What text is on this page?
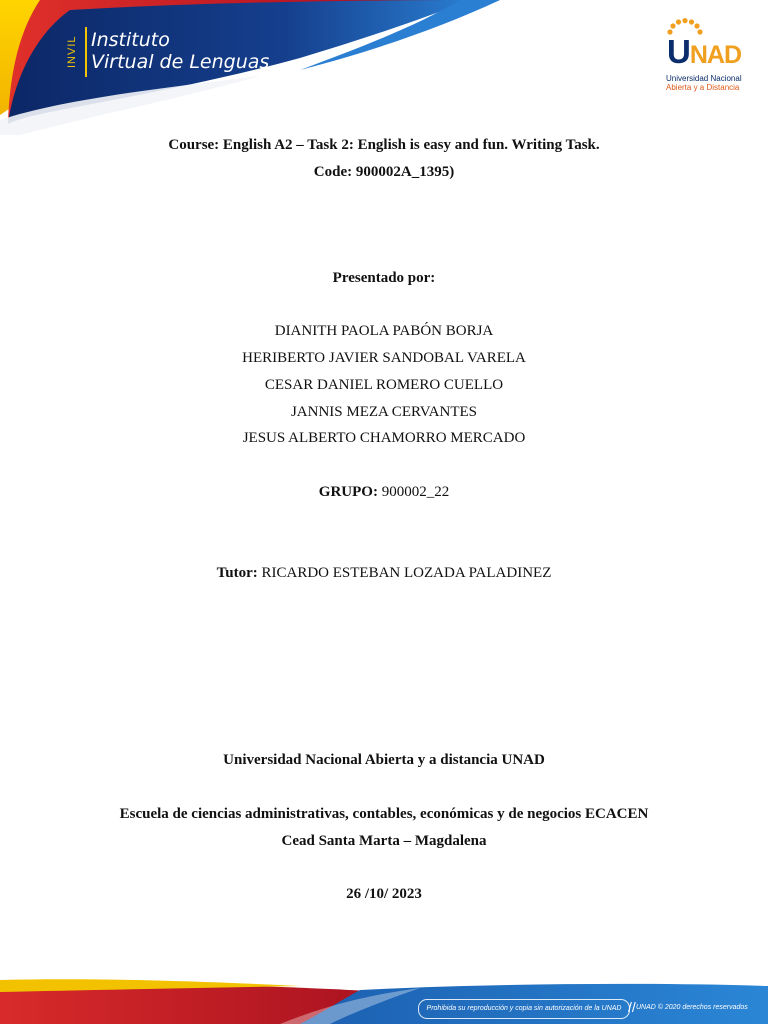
INVIL Instituto
Virtual de Lenguas	UNAD
Universidad Nacional
Abierta y a Distancia
Course: English A2 – Task 2: English is easy and fun. Writing Task.
Code: 900002A_1395)
Presentado por:
DIANITH PAOLA PABÓN BORJA
HERIBERTO JAVIER SANDOBAL VARELA
CESAR DANIEL ROMERO CUELLO
JANNIS MEZA CERVANTES
JESUS ALBERTO CHAMORRO MERCADO
GRUPO: 900002_22
Tutor: RICARDO ESTEBAN LOZADA PALADINEZ
Universidad Nacional Abierta y a distancia UNAD
Escuela de ciencias administrativas, contables, económicas y de negocios ECACEN
Cead Santa Marta – Magdalena
26 /10/ 2023
Prohibida su reproducción y copia sin autorización de la UNAD // UNAD © 2020 derechos reservados
